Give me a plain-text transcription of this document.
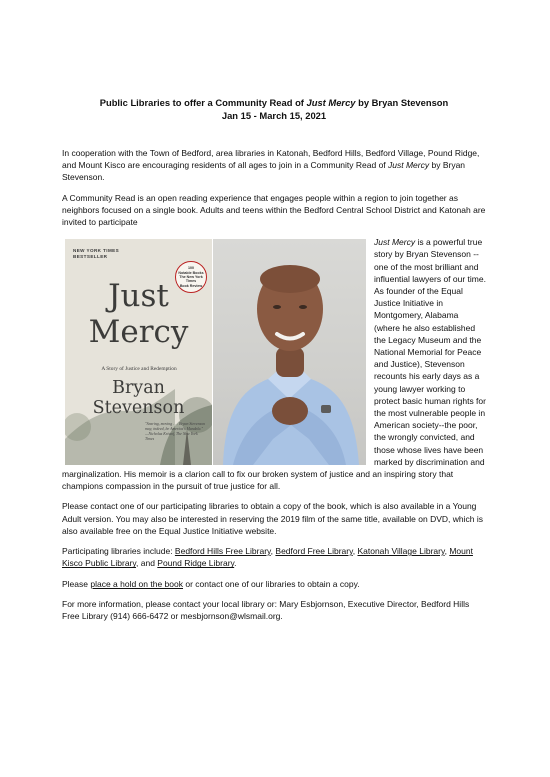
Public Libraries to offer a Community Read of Just Mercy by Bryan Stevenson
Jan 15 - March 15, 2021

In cooperation with the Town of Bedford, area libraries in Katonah, Bedford Hills, Bedford Village, Pound Ridge, and Mount Kisco are encouraging residents of all ages to join in a Community Read of Just Mercy by Bryan Stevenson.

A Community Read is an open reading experience that engages people within a region to join together as neighbors focused on a single book. Adults and teens within the Bedford Central School District and Katonah are invited to participate

NEW YORK TIMES
BESTSELLER
100
Notable Books
The New York Times
Book Review
Just
Mercy
A Story of Justice and Redemption
Bryan
Stevenson
"Searing, moving . . . Bryan Stevenson may, indeed, be America's Mandela." —Nicholas Kristof, The New York Times

Just Mercy is a powerful true story by Bryan Stevenson -- one of the most brilliant and influential lawyers of our time. As founder of the Equal Justice Initiative in Montgomery, Alabama (where he also established the Legacy Museum and the National Memorial for Peace and Justice), Stevenson recounts his early days as a young lawyer working to protect basic human rights for the most vulnerable people in American society--the poor, the wrongly convicted, and those whose lives have been marked by discrimination and marginalization. His memoir is a clarion call to fix our broken system of justice and an inspiring story that champions compassion in the pursuit of true justice for all.

Please contact one of our participating libraries to obtain a copy of the book, which is also available in a Young Adult version. You may also be interested in reserving the 2019 film of the same title, available on DVD, which is also available free on the Equal Justice Initiative website.

Participating libraries include: Bedford Hills Free Library, Bedford Free Library, Katonah Village Library, Mount Kisco Public Library, and Pound Ridge Library.

Please place a hold on the book or contact one of our libraries to obtain a copy.

For more information, please contact your local library or: Mary Esbjornson, Executive Director, Bedford Hills Free Library (914) 666-6472 or mesbjornson@wlsmail.org.
